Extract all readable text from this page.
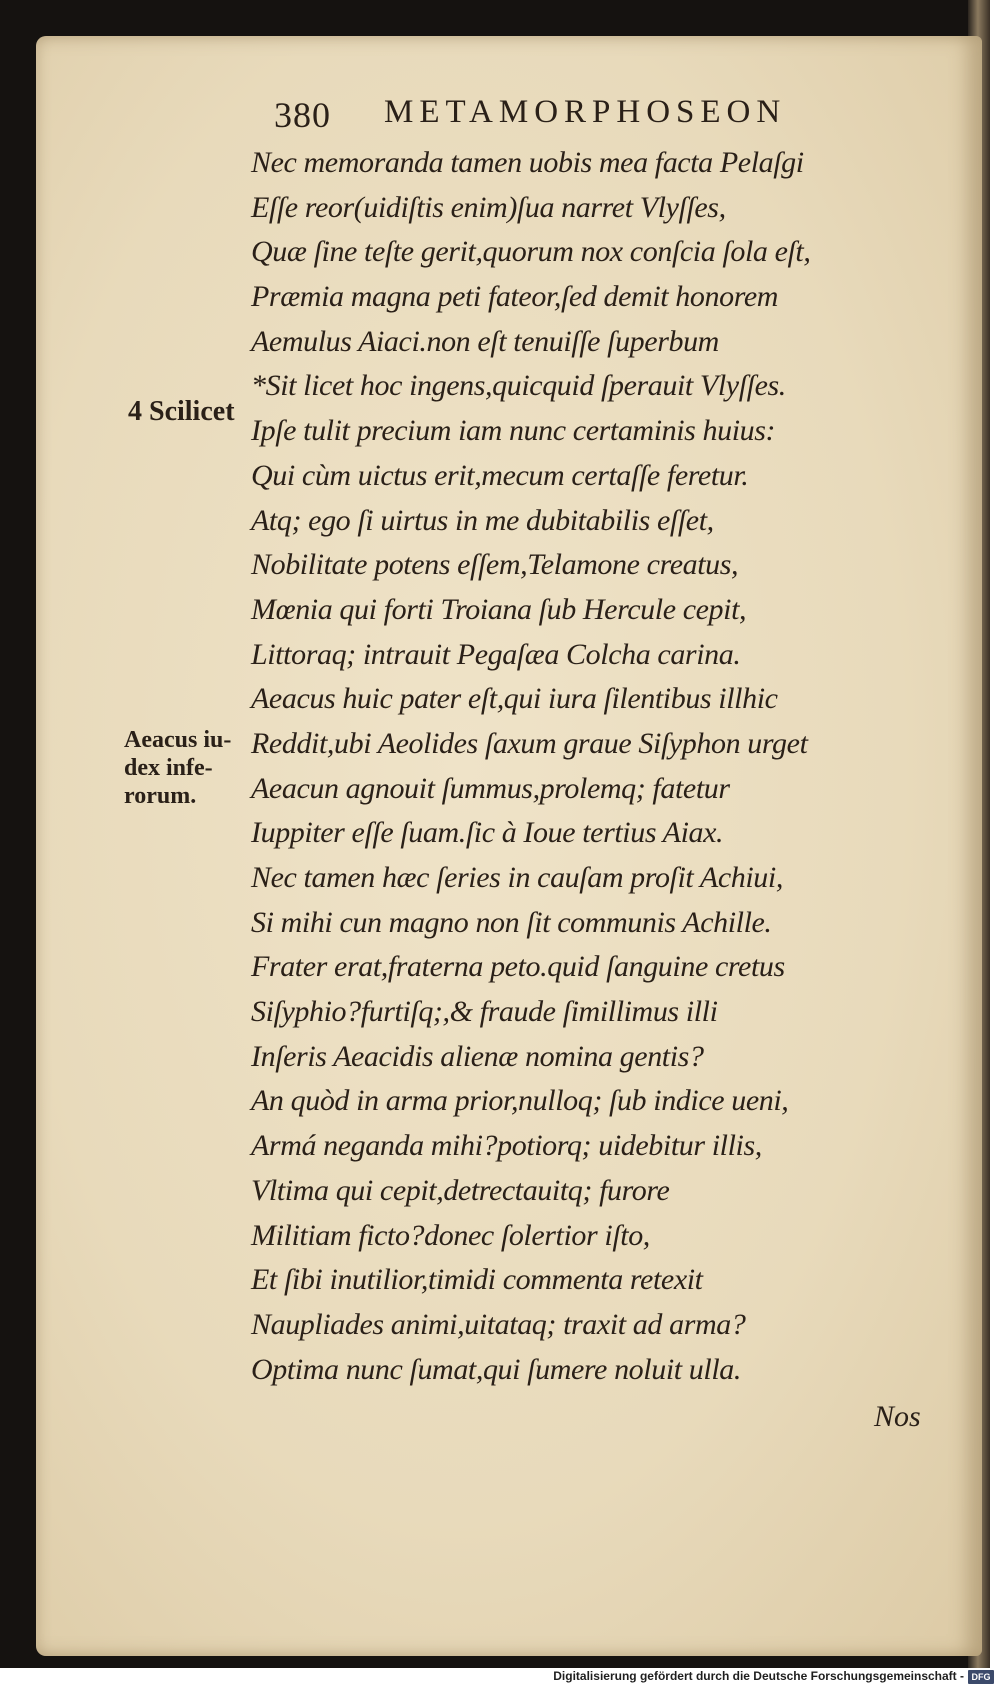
380 METAMORPHOSEON
Nec memoranda tamen uobis mea facta Pelaſgi
Eſſe reor(uidiſtis enim)ſua narret Vlyſſes,
Quæ ſine teſte gerit,quorum nox conſcia ſola eſt,
Præmia magna peti fateor,ſed demit honorem
Aemulus Aiaci.non eſt tenuiſſe ſuperbum
*Sit licet hoc ingens,quicquid ſperauit Vlyſſes.
Ipſe tulit precium iam nunc certaminis huius:
Qui cùm uictus erit,mecum certaſſe feretur.
Atq; ego ſi uirtus in me dubitabilis eſſet,
Nobilitate potens eſſem,Telamone creatus,
Mœnia qui forti Troiana ſub Hercule cepit,
Littoraq; intrauit Pegaſæa Colcha carina.
Aeacus huic pater eſt,qui iura ſilentibus illhic
Reddit,ubi Aeolides ſaxum graue Siſyphon urget
Aeacun agnouit ſummus,prolemq; fatetur
Iuppiter eſſe ſuam.ſic à Ioue tertius Aiax.
Nec tamen hæc ſeries in cauſam proſit Achiui,
Si mihi cun magno non ſit communis Achille.
Frater erat,fraterna peto.quid ſanguine cretus
Siſyphio?furtiſq;,& fraude ſimillimus illi
Inſeris Aeacidis alienæ nomina gentis?
An quòd in arma prior,nulloq; ſub indice ueni,
Armá neganda mihi?potiorq; uidebitur illis,
Vltima qui cepit,detrectauitq; furore
Militiam ficto?donec ſolertior iſto,
Et ſibi inutilior,timidi commenta retexit
Naupliades animi,uitataq; traxit ad arma?
Optima nunc ſumat,qui ſumere noluit ulla.
4 Scilicet
Aeacus iu-
dex infe-
rorum.
Nos
Digitalisierung gefördert durch die Deutsche Forschungsgemeinschaft - DFG
